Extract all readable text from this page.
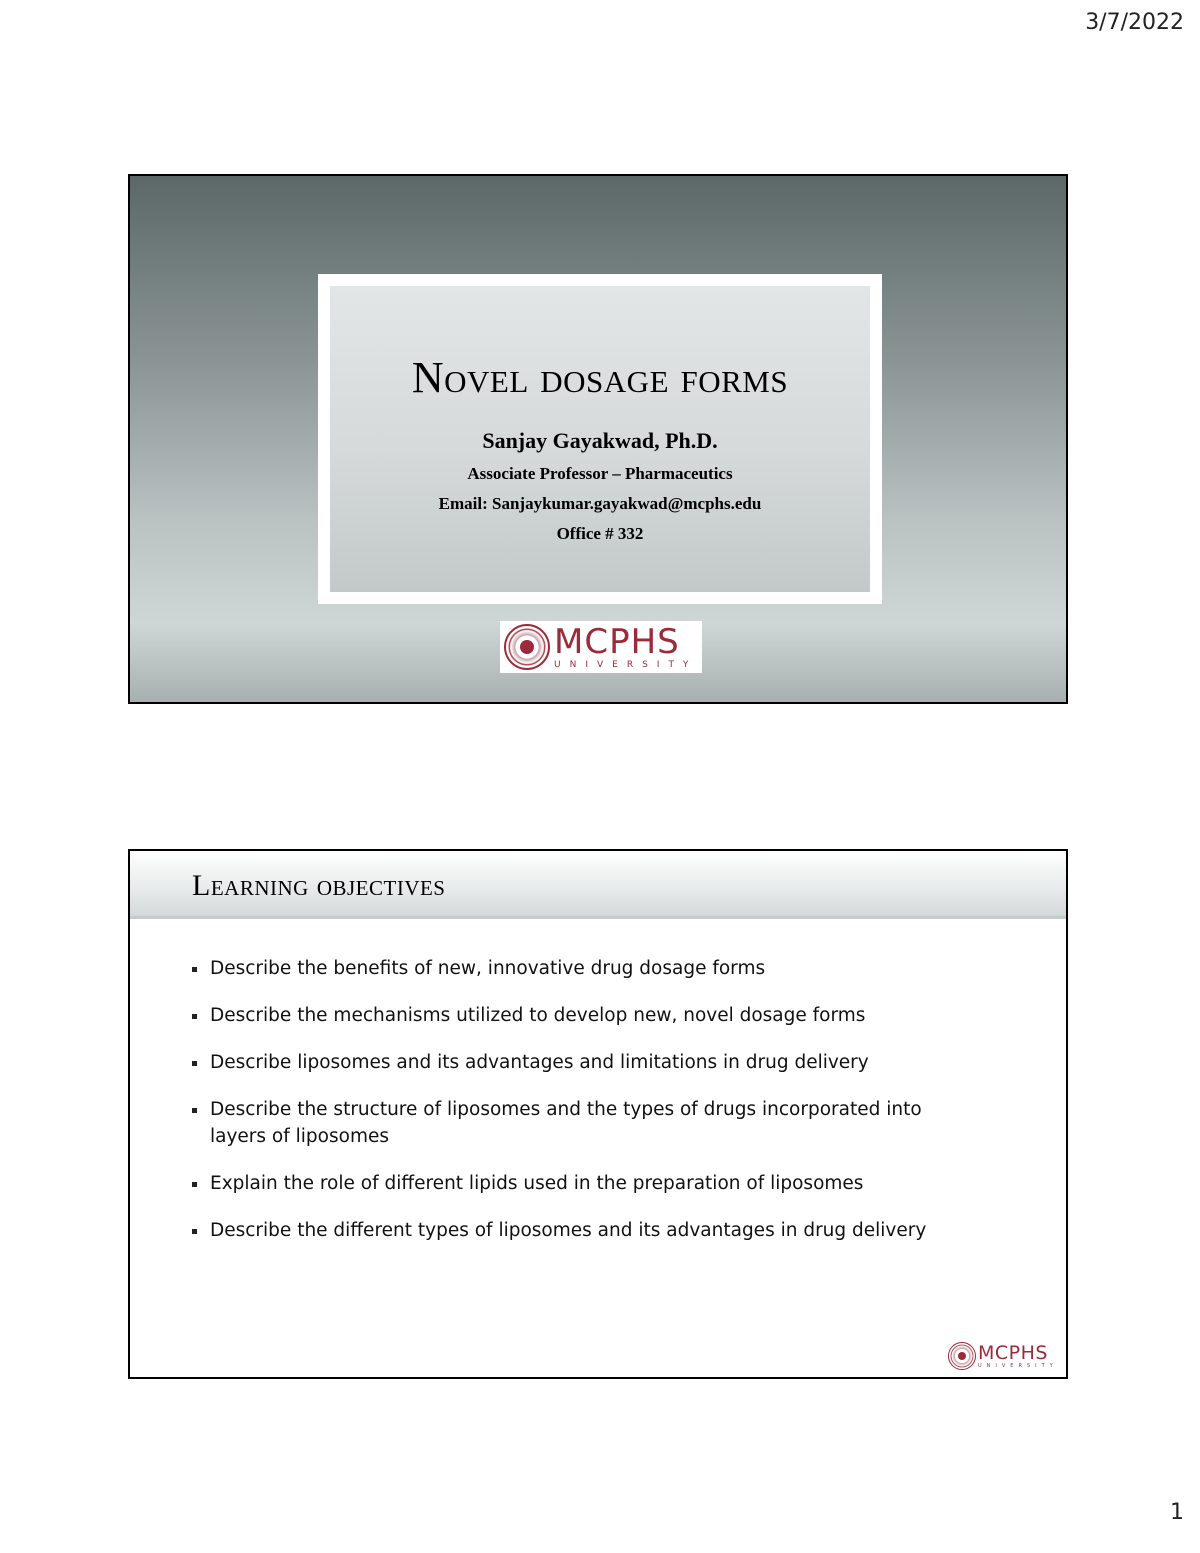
3/7/2022
Novel dosage forms
Sanjay Gayakwad, Ph.D.
Associate Professor – Pharmaceutics
Email: Sanjaykumar.gayakwad@mcphs.edu
Office # 332
MCPHS
UNIVERSITY
Learning objectives
Describe the benefits of new, innovative drug dosage forms
Describe the mechanisms utilized to develop new, novel dosage forms
Describe liposomes and its advantages and limitations in drug delivery
Describe the structure of liposomes and the types of drugs incorporated into layers of liposomes
Explain the role of different lipids used in the preparation of liposomes
Describe the different types of liposomes and its advantages in drug delivery
MCPHS
UNIVERSITY
1
